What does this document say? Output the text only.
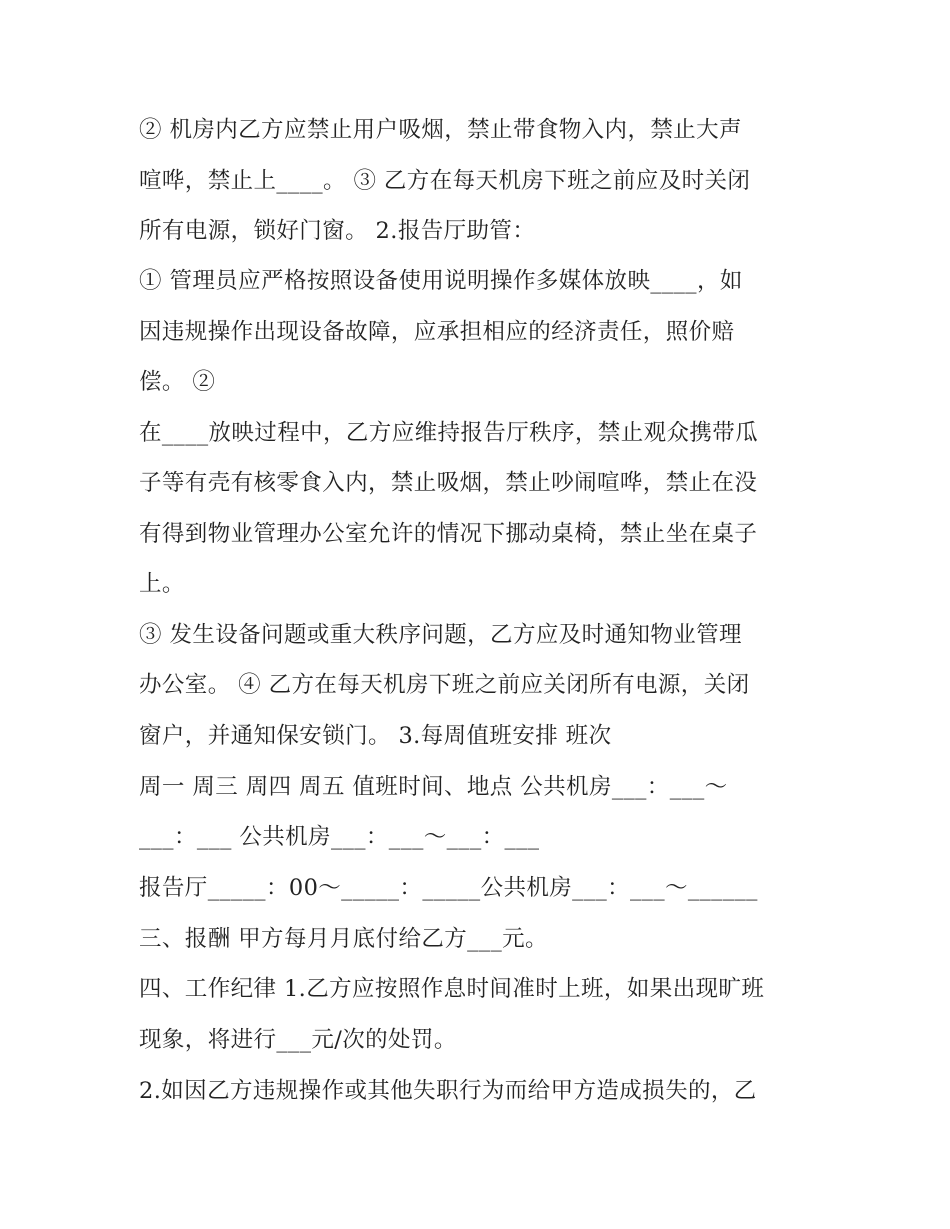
② 机房内乙方应禁止用户吸烟，禁止带食物入内，禁止大声
喧哗，禁止上____。 ③ 乙方在每天机房下班之前应及时关闭
所有电源，锁好门窗。 2.报告厅助管：
① 管理员应严格按照设备使用说明操作多媒体放映____，如
因违规操作出现设备故障，应承担相应的经济责任，照价赔
偿。 ②
在____放映过程中，乙方应维持报告厅秩序，禁止观众携带瓜
子等有壳有核零食入内，禁止吸烟，禁止吵闹喧哗，禁止在没
有得到物业管理办公室允许的情况下挪动桌椅，禁止坐在桌子
上。
③ 发生设备问题或重大秩序问题，乙方应及时通知物业管理
办公室。 ④ 乙方在每天机房下班之前应关闭所有电源，关闭
窗户，并通知保安锁门。 3.每周值班安排 班次
周一 周三 周四 周五 值班时间、地点 公共机房___：___～
___：___ 公共机房___：___～___：___
报告厅_____：00～_____：_____公共机房___：___～______
三、报酬 甲方每月月底付给乙方___元。
四、工作纪律 1.乙方应按照作息时间准时上班，如果出现旷班
现象，将进行___元/次的处罚。
2.如因乙方违规操作或其他失职行为而给甲方造成损失的，乙
